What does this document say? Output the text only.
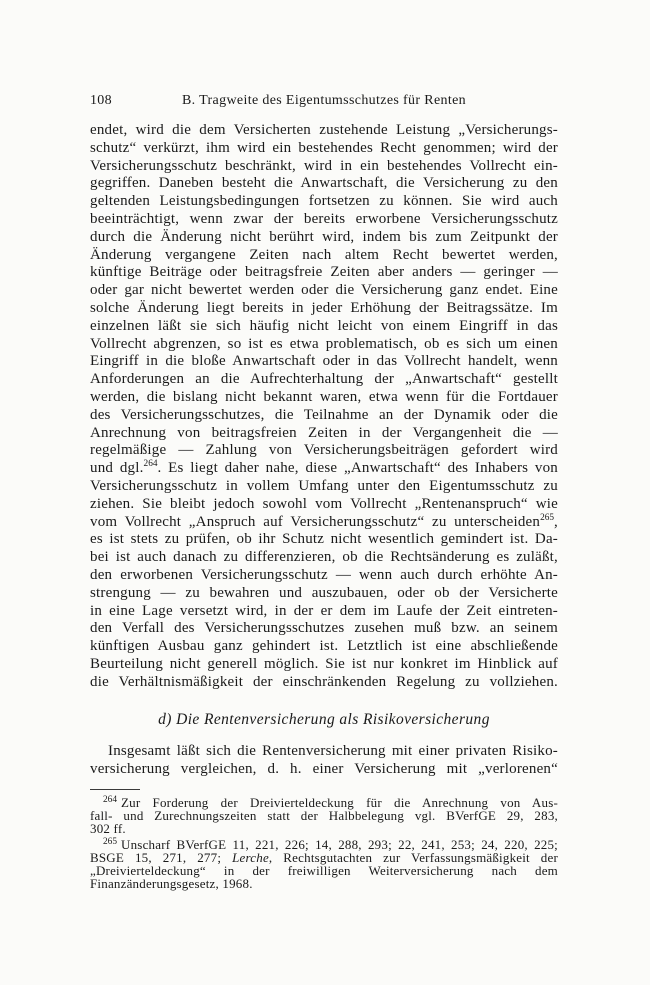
108	B. Tragweite des Eigentumsschutzes für Renten
endet, wird die dem Versicherten zustehende Leistung „Versicherungs-
schutz“ verkürzt, ihm wird ein bestehendes Recht genommen; wird der
Versicherungsschutz beschränkt, wird in ein bestehendes Vollrecht ein-
gegriffen. Daneben besteht die Anwartschaft, die Versicherung zu den
geltenden Leistungsbedingungen fortsetzen zu können. Sie wird auch
beeinträchtigt, wenn zwar der bereits erworbene Versicherungsschutz
durch die Änderung nicht berührt wird, indem bis zum Zeitpunkt der
Änderung vergangene Zeiten nach altem Recht bewertet werden,
künftige Beiträge oder beitragsfreie Zeiten aber anders — geringer —
oder gar nicht bewertet werden oder die Versicherung ganz endet. Eine
solche Änderung liegt bereits in jeder Erhöhung der Beitragssätze. Im
einzelnen läßt sie sich häufig nicht leicht von einem Eingriff in das
Vollrecht abgrenzen, so ist es etwa problematisch, ob es sich um einen
Eingriff in die bloße Anwartschaft oder in das Vollrecht handelt, wenn
Anforderungen an die Aufrechterhaltung der „Anwartschaft“ gestellt
werden, die bislang nicht bekannt waren, etwa wenn für die Fortdauer
des Versicherungsschutzes, die Teilnahme an der Dynamik oder die
Anrechnung von beitragsfreien Zeiten in der Vergangenheit die —
regelmäßige — Zahlung von Versicherungsbeiträgen gefordert wird
und dgl.$^{264}$. Es liegt daher nahe, diese „Anwartschaft“ des Inhabers von
Versicherungsschutz in vollem Umfang unter den Eigentumsschutz zu
ziehen. Sie bleibt jedoch sowohl vom Vollrecht „Rentenanspruch“ wie
vom Vollrecht „Anspruch auf Versicherungsschutz“ zu unterscheiden$^{265}$,
es ist stets zu prüfen, ob ihr Schutz nicht wesentlich gemindert ist. Da-
bei ist auch danach zu differenzieren, ob die Rechtsänderung es zuläßt,
den erworbenen Versicherungsschutz — wenn auch durch erhöhte An-
strengung — zu bewahren und auszubauen, oder ob der Versicherte
in eine Lage versetzt wird, in der er dem im Laufe der Zeit eintreten-
den Verfall des Versicherungsschutzes zusehen muß bzw. an seinem
künftigen Ausbau ganz gehindert ist. Letztlich ist eine abschließende
Beurteilung nicht generell möglich. Sie ist nur konkret im Hinblick auf
die Verhältnismäßigkeit der einschränkenden Regelung zu vollziehen.
d) Die Rentenversicherung als Risikoversicherung
Insgesamt läßt sich die Rentenversicherung mit einer privaten Risiko-
versicherung vergleichen, d. h. einer Versicherung mit „verlorenen“
$^{264}$ Zur Forderung der Dreivierteldeckung für die Anrechnung von Aus-
fall- und Zurechnungszeiten statt der Halbbelegung vgl. BVerfGE 29, 283,
302 ff.
$^{265}$ Unscharf BVerfGE 11, 221, 226; 14, 288, 293; 22, 241, 253; 24, 220, 225;
BSGE 15, 271, 277; Lerche, Rechtsgutachten zur Verfassungsmäßigkeit der
„Dreivierteldeckung“ in der freiwilligen Weiterversicherung nach dem
Finanzänderungsgesetz, 1968.
